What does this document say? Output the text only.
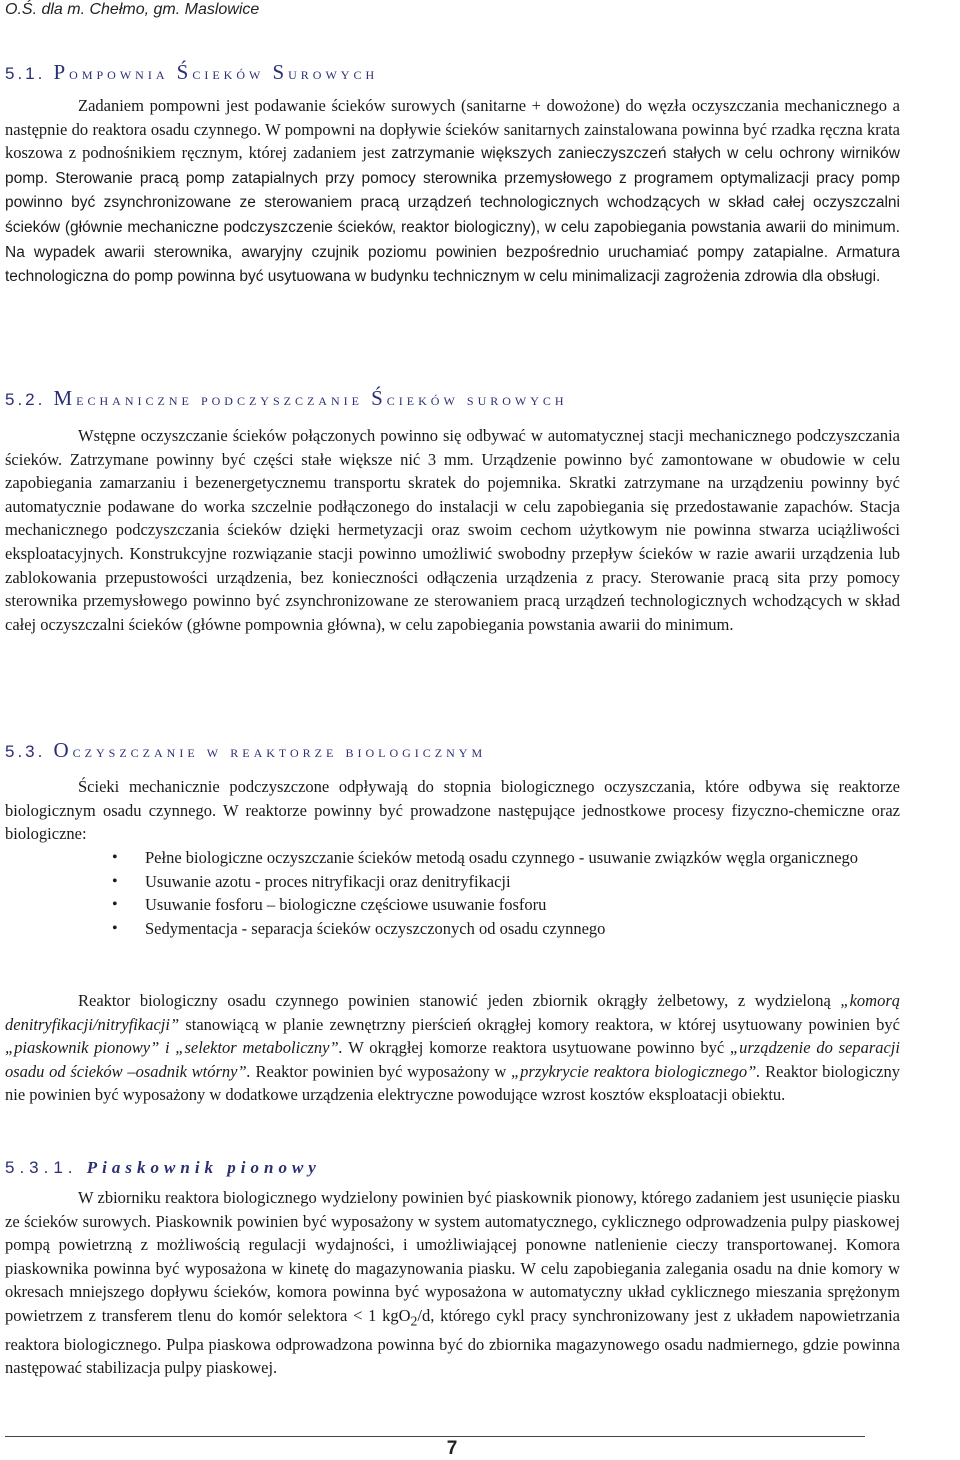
O.Ś. dla m. Chełmo, gm. Maslowice
5.1. Pompownia Ścieków Surowych

Zadaniem pompowni jest podawanie ścieków surowych (sanitarne + dowożone) do węzła oczyszczania mechanicznego a następnie do reaktora osadu czynnego. W pompowni na dopływie ścieków sanitarnych zainstalowana powinna być rzadka ręczna krata koszowa z podnośnikiem ręcznym, której zadaniem jest zatrzymanie większych zanieczyszczeń stałych w celu ochrony wirników pomp. Sterowanie pracą pomp zatapialnych przy pomocy sterownika przemysłowego z programem optymalizacji pracy pomp powinno być zsynchronizowane ze sterowaniem pracą urządzeń technologicznych wchodzących w skład całej oczyszczalni ścieków (głównie mechaniczne podczyszczenie ścieków, reaktor biologiczny), w celu zapobiegania powstania awarii do minimum. Na wypadek awarii sterownika, awaryjny czujnik poziomu powinien bezpośrednio uruchamiać pompy zatapialne. Armatura technologiczna do pomp powinna być usytuowana w budynku technicznym w celu minimalizacji zagrożenia zdrowia dla obsługi.

5.2. Mechaniczne podczyszczanie Ścieków surowych

Wstępne oczyszczanie ścieków połączonych powinno się odbywać w automatycznej stacji mechanicznego podczyszczania ścieków. Zatrzymane powinny być części stałe większe nić 3 mm. Urządzenie powinno być zamontowane w obudowie w celu zapobiegania zamarzaniu i bezenergetycznemu transportu skratek do pojemnika. Skratki zatrzymane na urządzeniu powinny być automatycznie podawane do worka szczelnie podłączonego do instalacji w celu zapobiegania się przedostawanie zapachów. Stacja mechanicznego podczyszczania ścieków dzięki hermetyzacji oraz swoim cechom użytkowym nie powinna stwarza uciążliwości eksploatacyjnych. Konstrukcyjne rozwiązanie stacji powinno umożliwić swobodny przepływ ścieków w razie awarii urządzenia lub zablokowania przepustowości urządzenia, bez konieczności odłączenia urządzenia z pracy. Sterowanie pracą sita przy pomocy sterownika przemysłowego powinno być zsynchronizowane ze sterowaniem pracą urządzeń technologicznych wchodzących w skład całej oczyszczalni ścieków (główne pompownia główna), w celu zapobiegania powstania awarii do minimum.

5.3. Oczyszczanie w reaktorze biologicznym

Ścieki mechanicznie podczyszczone odpływają do stopnia biologicznego oczyszczania, które odbywa się reaktorze biologicznym osadu czynnego. W reaktorze powinny być prowadzone następujące jednostkowe procesy fizyczno-chemiczne oraz biologiczne:

• Pełne biologiczne oczyszczanie ścieków metodą osadu czynnego - usuwanie związków węgla organicznego
• Usuwanie azotu - proces nitryfikacji oraz denitryfikacji
• Usuwanie fosforu – biologiczne częściowe usuwanie fosforu
• Sedymentacja - separacja ścieków oczyszczonych od osadu czynnego

Reaktor biologiczny osadu czynnego powinien stanowić jeden zbiornik okrągły żelbetowy, z wydzieloną „komorą denitryfikacji/nitryfikacji” stanowiącą w planie zewnętrzny pierścień okrągłej komory reaktora, w której usytuowany powinien być „piaskownik pionowy” i „selektor metaboliczny”. W okrągłej komorze reaktora usytuowane powinno być „urządzenie do separacji osadu od ścieków –osadnik wtórny”. Reaktor powinien być wyposażony w „przykrycie reaktora biologicznego”. Reaktor biologiczny nie powinien być wyposażony w dodatkowe urządzenia elektryczne powodujące wzrost kosztów eksploatacji obiektu.

5.3.1. Piaskownik pionowy

W zbiorniku reaktora biologicznego wydzielony powinien być piaskownik pionowy, którego zadaniem jest usunięcie piasku ze ścieków surowych. Piaskownik powinien być wyposażony w system automatycznego, cyklicznego odprowadzenia pulpy piaskowej pompą powietrzną z możliwością regulacji wydajności, i umożliwiającej ponowne natlenienie cieczy transportowanej. Komora piaskownika powinna być wyposażona w kinetę do magazynowania piasku. W celu zapobiegania zalegania osadu na dnie komory w okresach mniejszego dopływu ścieków, komora powinna być wyposażona w automatyczny układ cyklicznego mieszania sprężonym powietrzem z transferem tlenu do komór selektora < 1 kgO$_2$/d, którego cykl pracy synchronizowany jest z układem napowietrzania reaktora biologicznego. Pulpa piaskowa odprowadzona powinna być do zbiornika magazynowego osadu nadmiernego, gdzie powinna następować stabilizacja pulpy piaskowej.

7
